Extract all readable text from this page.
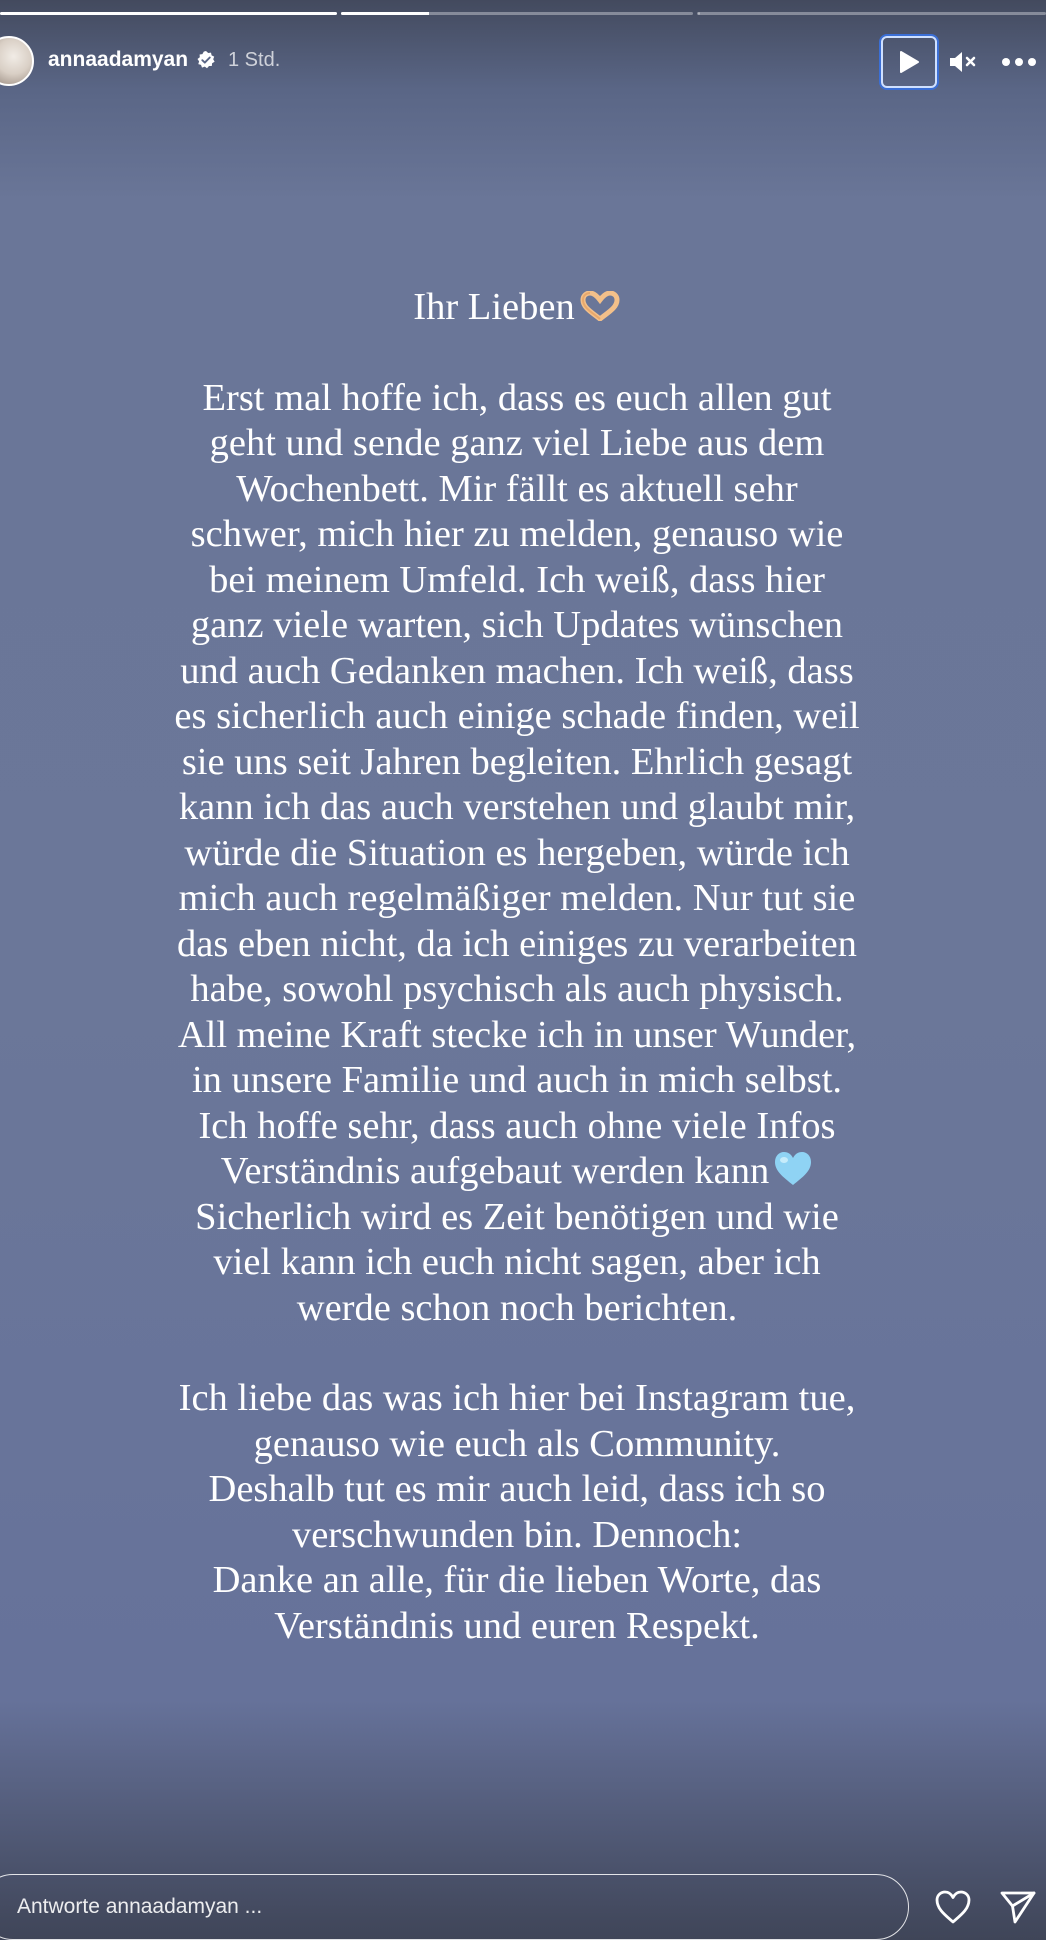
annaadamyan 1 Std.

Ihr Lieben

Erst mal hoffe ich, dass es euch allen gut
geht und sende ganz viel Liebe aus dem
Wochenbett. Mir fällt es aktuell sehr
schwer, mich hier zu melden, genauso wie
bei meinem Umfeld. Ich weiß, dass hier
ganz viele warten, sich Updates wünschen
und auch Gedanken machen. Ich weiß, dass
es sicherlich auch einige schade finden, weil
sie uns seit Jahren begleiten. Ehrlich gesagt
kann ich das auch verstehen und glaubt mir,
würde die Situation es hergeben, würde ich
mich auch regelmäßiger melden. Nur tut sie
das eben nicht, da ich einiges zu verarbeiten
habe, sowohl psychisch als auch physisch.
All meine Kraft stecke ich in unser Wunder,
in unsere Familie und auch in mich selbst.
Ich hoffe sehr, dass auch ohne viele Infos
Verständnis aufgebaut werden kann
Sicherlich wird es Zeit benötigen und wie
viel kann ich euch nicht sagen, aber ich
werde schon noch berichten.

Ich liebe das was ich hier bei Instagram tue,
genauso wie euch als Community.
Deshalb tut es mir auch leid, dass ich so
verschwunden bin. Dennoch:
Danke an alle, für die lieben Worte, das
Verständnis und euren Respekt.

Antworte annaadamyan ...
